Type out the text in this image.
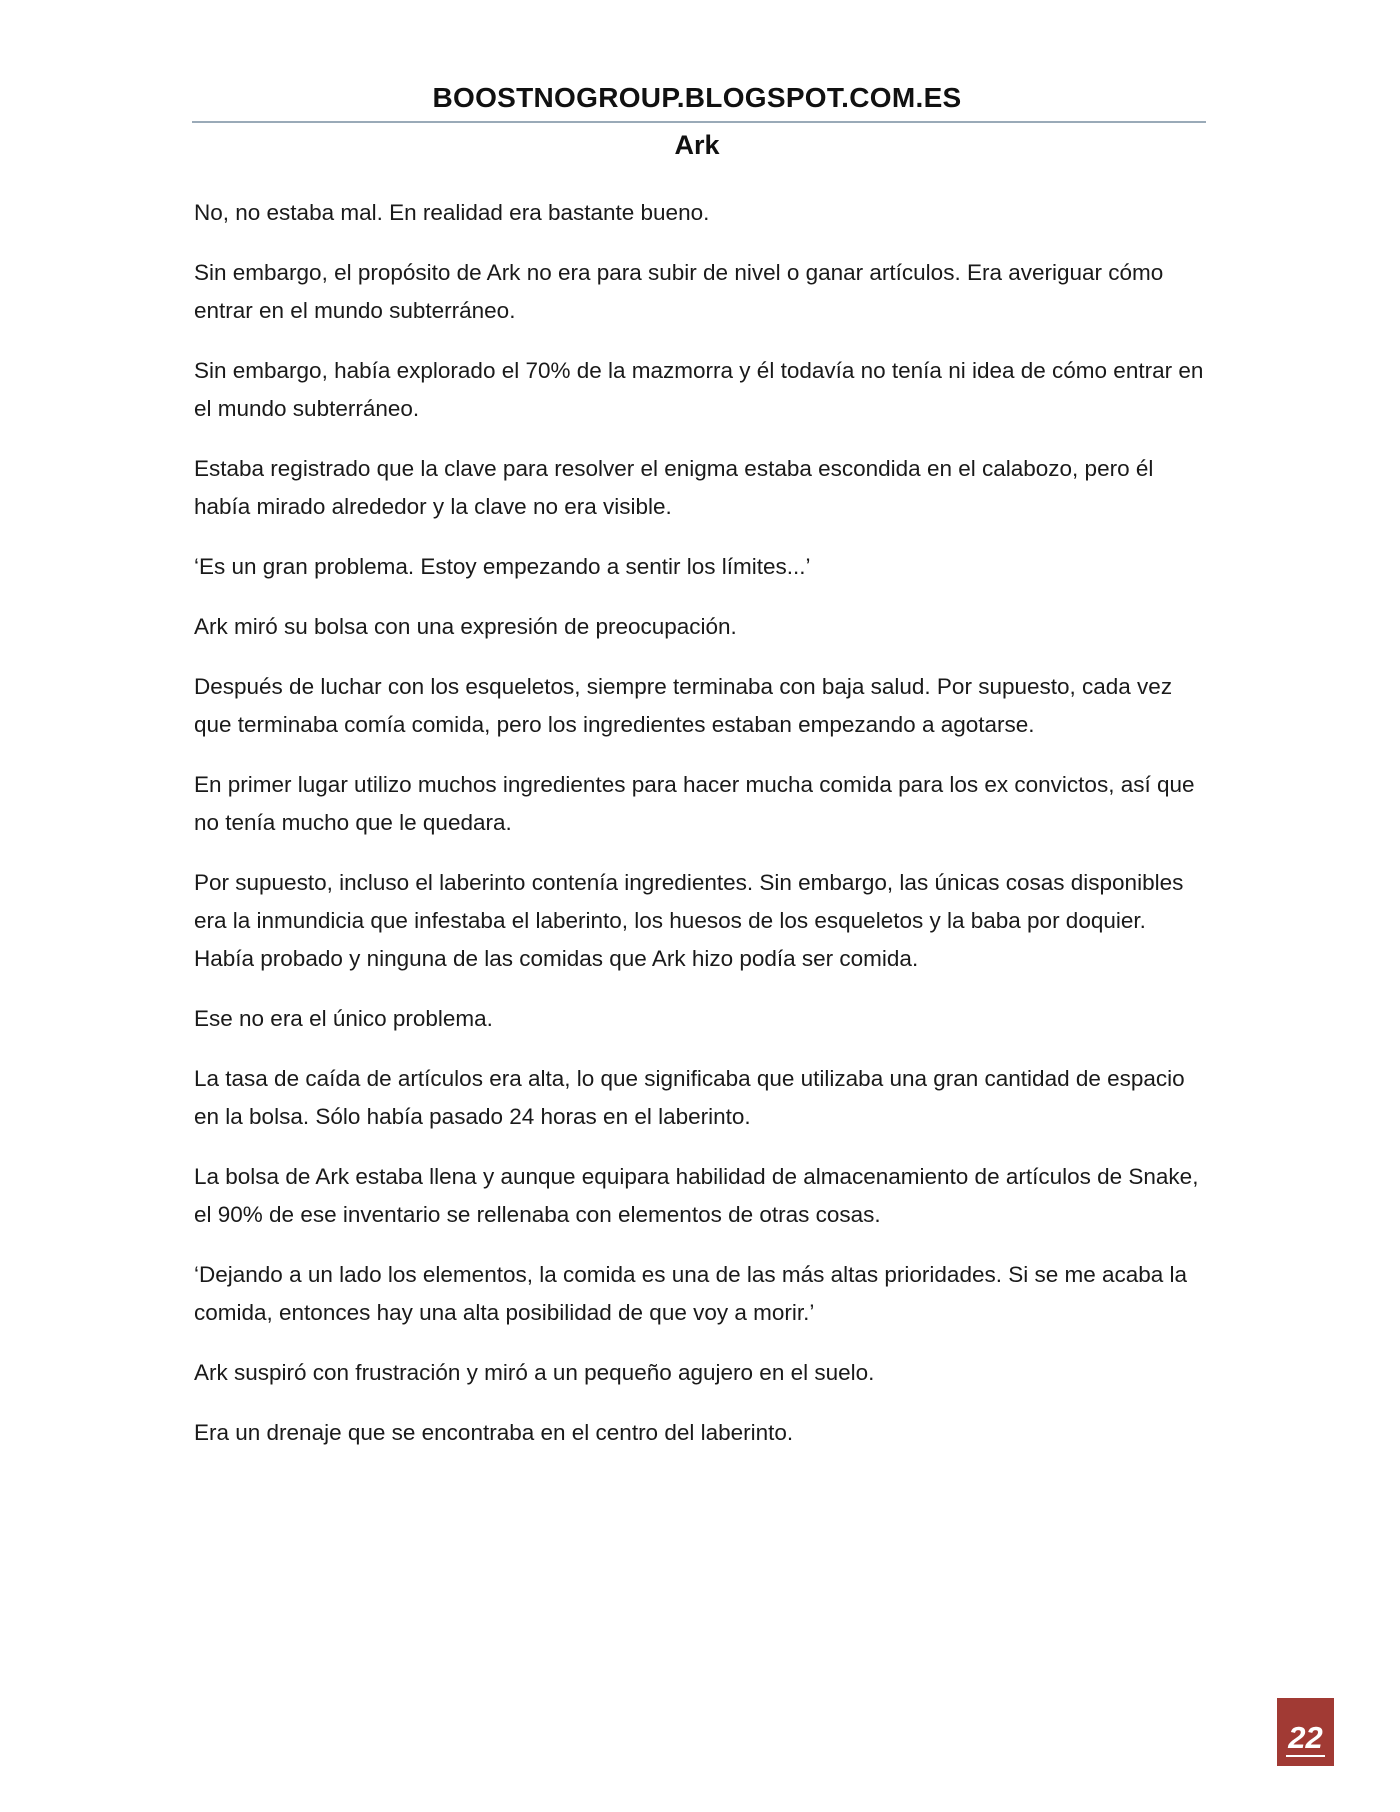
BOOSTNOGROUP.BLOGSPOT.COM.ES
Ark

No, no estaba mal. En realidad era bastante bueno.

Sin embargo, el propósito de Ark no era para subir de nivel o ganar artículos. Era averiguar cómo entrar en el mundo subterráneo.

Sin embargo, había explorado el 70% de la mazmorra y él todavía no tenía ni idea de cómo entrar en el mundo subterráneo.

Estaba registrado que la clave para resolver el enigma estaba escondida en el calabozo, pero él había mirado alrededor y la clave no era visible.

‘Es un gran problema. Estoy empezando a sentir los límites...’

Ark miró su bolsa con una expresión de preocupación.

Después de luchar con los esqueletos, siempre terminaba con baja salud. Por supuesto, cada vez que terminaba comía comida, pero los ingredientes estaban empezando a agotarse.

En primer lugar utilizo muchos ingredientes para hacer mucha comida para los ex convictos, así que no tenía mucho que le quedara.

Por supuesto, incluso el laberinto contenía ingredientes. Sin embargo, las únicas cosas disponibles era la inmundicia que infestaba el laberinto, los huesos de los esqueletos y la baba por doquier. Había probado y ninguna de las comidas que Ark hizo podía ser comida.

Ese no era el único problema.

La tasa de caída de artículos era alta, lo que significaba que utilizaba una gran cantidad de espacio en la bolsa. Sólo había pasado 24 horas en el laberinto.

La bolsa de Ark estaba llena y aunque equipara habilidad de almacenamiento de artículos de Snake, el 90% de ese inventario se rellenaba con elementos de otras cosas.

‘Dejando a un lado los elementos, la comida es una de las más altas prioridades. Si se me acaba la comida, entonces hay una alta posibilidad de que voy a morir.’

Ark suspiró con frustración y miró a un pequeño agujero en el suelo.

Era un drenaje que se encontraba en el centro del laberinto.

22
